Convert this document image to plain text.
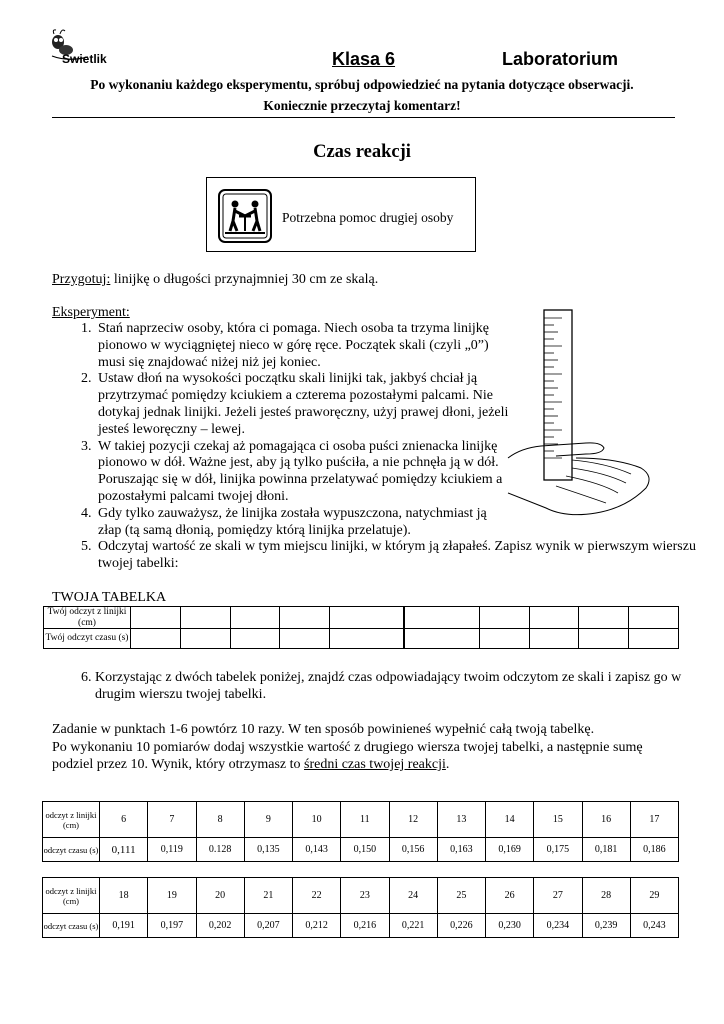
Swietlik	Klasa 6	Laboratorium
Po wykonaniu każdego eksperymentu, spróbuj odpowiedzieć na pytania dotyczące obserwacji.
Koniecznie przeczytaj komentarz!
Czas reakcji
Potrzebna pomoc drugiej osoby
Przygotuj: linijkę o długości przynajmniej 30 cm ze skalą.
Eksperyment:
1. Stań naprzeciw osoby, która ci pomaga. Niech osoba ta trzyma linijkę pionowo w wyciągniętej nieco w górę ręce. Początek skali (czyli „0”) musi się znajdować niżej niż jej koniec.
2. Ustaw dłoń na wysokości początku skali linijki tak, jakbyś chciał ją przytrzymać pomiędzy kciukiem a czterema pozostałymi palcami. Nie dotykaj jednak linijki. Jeżeli jesteś praworęczny, użyj prawej dłoni, jeżeli jesteś leworęczny – lewej.
3. W takiej pozycji czekaj aż pomagająca ci osoba puści znienacka linijkę pionowo w dół. Ważne jest, aby ją tylko puściła, a nie pchnęła ją w dół. Poruszając się w dół, linijka powinna przelatywać pomiędzy kciukiem a pozostałymi palcami twojej dłoni.
4. Gdy tylko zauważysz, że linijka została wypuszczona, natychmiast ją złap (tą samą dłonią, pomiędzy którą linijka przelatuje).
5. Odczytaj wartość ze skali w tym miejscu linijki, w którym ją złapałeś. Zapisz wynik w pierwszym wierszu twojej tabelki:
TWOJA TABELKA
Twój odczyt z linijki (cm)										
Twój odczyt czasu (s)										
6. Korzystając z dwóch tabelek poniżej, znajdź czas odpowiadający twoim odczytom ze skali i zapisz go w drugim wierszu twojej tabelki.
Zadanie w punktach 1-6 powtórz 10 razy. W ten sposób powinieneś wypełnić całą twoją tabelkę.
Po wykonaniu 10 pomiarów dodaj wszystkie wartość z drugiego wiersza twojej tabelki, a następnie sumę
podziel przez 10. Wynik, który otrzymasz to średni czas twojej reakcji.
odczyt z linijki (cm)	6	7	8	9	10	11	12	13	14	15	16	17
odczyt czasu (s)	0,111	0,119	0.128	0,135	0,143	0,150	0,156	0,163	0,169	0,175	0,181	0,186
odczyt z linijki (cm)	18	19	20	21	22	23	24	25	26	27	28	29
odczyt czasu (s)	0,191	0,197	0,202	0,207	0,212	0,216	0,221	0,226	0,230	0,234	0,239	0,243
